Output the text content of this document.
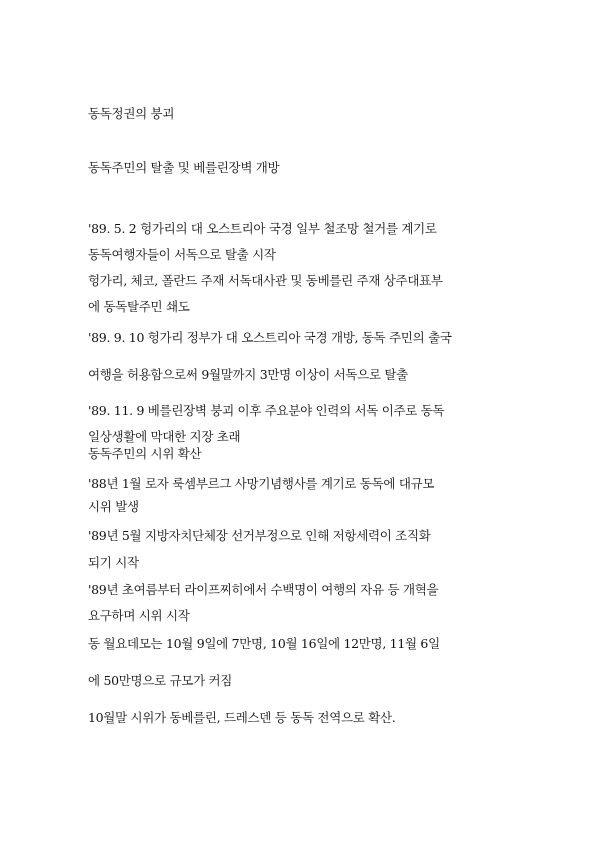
동독정권의 붕괴
동독주민의 탈출 및 베를린장벽 개방
'89. 5. 2 헝가리의 대 오스트리아 국경 일부 철조망 철거를 계기로
동독여행자들이 서독으로 탈출 시작
헝가리, 체코, 폴란드 주재 서독대사관 및 동베를린 주재 상주대표부
에 동독탈주민 쇄도
'89. 9. 10 헝가리 정부가 대 오스트리아 국경 개방, 동독 주민의 출국
여행을 허용함으로써 9월말까지 3만명 이상이 서독으로 탈출
'89. 11. 9 베를린장벽 붕괴 이후 주요분야 인력의 서독 이주로 동독
일상생활에 막대한 지장 초래
동독주민의 시위 확산
'88년 1월 로자 룩셈부르그 사망기념행사를 계기로 동독에 대규모
시위 발생
'89년 5월 지방자치단체장 선거부정으로 인해 저항세력이 조직화
되기 시작
'89년 초여름부터 라이프찌히에서 수백명이 여행의 자유 등 개혁을
요구하며 시위 시작
동 월요데모는 10월 9일에 7만명, 10월 16일에 12만명, 11월 6일
에 50만명으로 규모가 커짐
10월말 시위가 동베를린, 드레스덴 등 동독 전역으로 확산.
